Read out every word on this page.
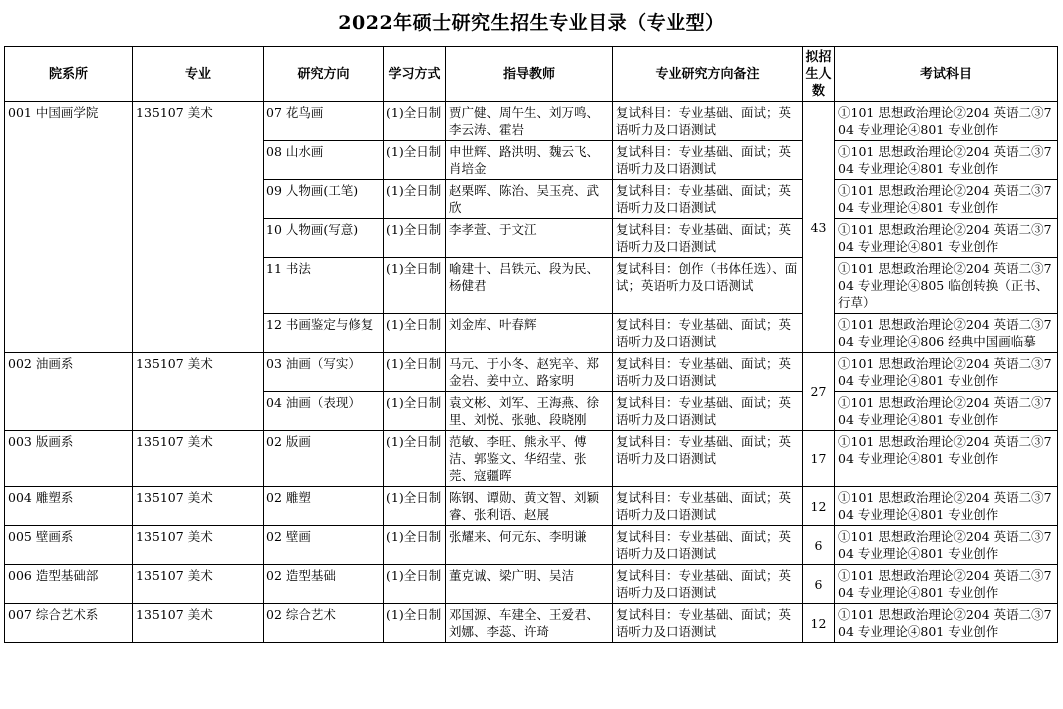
2022年硕士研究生招生专业目录（专业型）
院系所	专业	研究方向	学习方式	指导教师	专业研究方向备注	拟招生人数	考试科目
001 中国画学院	135107 美术	07 花鸟画	(1)全日制	贾广健、周午生、刘万鸣、李云涛、霍岩	复试科目：专业基础、面试；英语听力及口语测试	43	①101 思想政治理论②204 英语二③704 专业理论④801 专业创作
		08 山水画	(1)全日制	申世辉、路洪明、魏云飞、肖培金	复试科目：专业基础、面试；英语听力及口语测试		①101 思想政治理论②204 英语二③704 专业理论④801 专业创作
		09 人物画(工笔)	(1)全日制	赵栗晖、陈治、吴玉亮、武欣	复试科目：专业基础、面试；英语听力及口语测试		①101 思想政治理论②204 英语二③704 专业理论④801 专业创作
		10 人物画(写意)	(1)全日制	李孝萱、于文江	复试科目：专业基础、面试；英语听力及口语测试		①101 思想政治理论②204 英语二③704 专业理论④801 专业创作
		11 书法	(1)全日制	喻建十、吕铁元、段为民、杨健君	复试科目：创作（书体任选）、面试；英语听力及口语测试		①101 思想政治理论②204 英语二③704 专业理论④805 临创转换（正书、行草）
		12 书画鉴定与修复	(1)全日制	刘金库、叶春辉	复试科目：专业基础、面试；英语听力及口语测试		①101 思想政治理论②204 英语二③704 专业理论④806 经典中国画临摹
002 油画系	135107 美术	03 油画（写实）	(1)全日制	马元、于小冬、赵宪辛、郑金岩、姜中立、路家明	复试科目：专业基础、面试；英语听力及口语测试	27	①101 思想政治理论②204 英语二③704 专业理论④801 专业创作
		04 油画（表现）	(1)全日制	袁文彬、刘军、王海燕、徐里、刘悦、张驰、段晓刚	复试科目：专业基础、面试；英语听力及口语测试		①101 思想政治理论②204 英语二③704 专业理论④801 专业创作
003 版画系	135107 美术	02 版画	(1)全日制	范敏、李旺、熊永平、傅洁、郭鉴文、华绍莹、张莞、寇疆晖	复试科目：专业基础、面试；英语听力及口语测试	17	①101 思想政治理论②204 英语二③704 专业理论④801 专业创作
004 雕塑系	135107 美术	02 雕塑	(1)全日制	陈钢、谭勋、黄文智、刘颖睿、张利语、赵展	复试科目：专业基础、面试；英语听力及口语测试	12	①101 思想政治理论②204 英语二③704 专业理论④801 专业创作
005 壁画系	135107 美术	02 壁画	(1)全日制	张耀来、何元东、李明谦	复试科目：专业基础、面试；英语听力及口语测试	6	①101 思想政治理论②204 英语二③704 专业理论④801 专业创作
006 造型基础部	135107 美术	02 造型基础	(1)全日制	董克诚、梁广明、吴洁	复试科目：专业基础、面试；英语听力及口语测试	6	①101 思想政治理论②204 英语二③704 专业理论④801 专业创作
007 综合艺术系	135107 美术	02 综合艺术	(1)全日制	邓国源、车建全、王爱君、刘娜、李蕊、许琦	复试科目：专业基础、面试；英语听力及口语测试	12	①101 思想政治理论②204 英语二③704 专业理论④801 专业创作
